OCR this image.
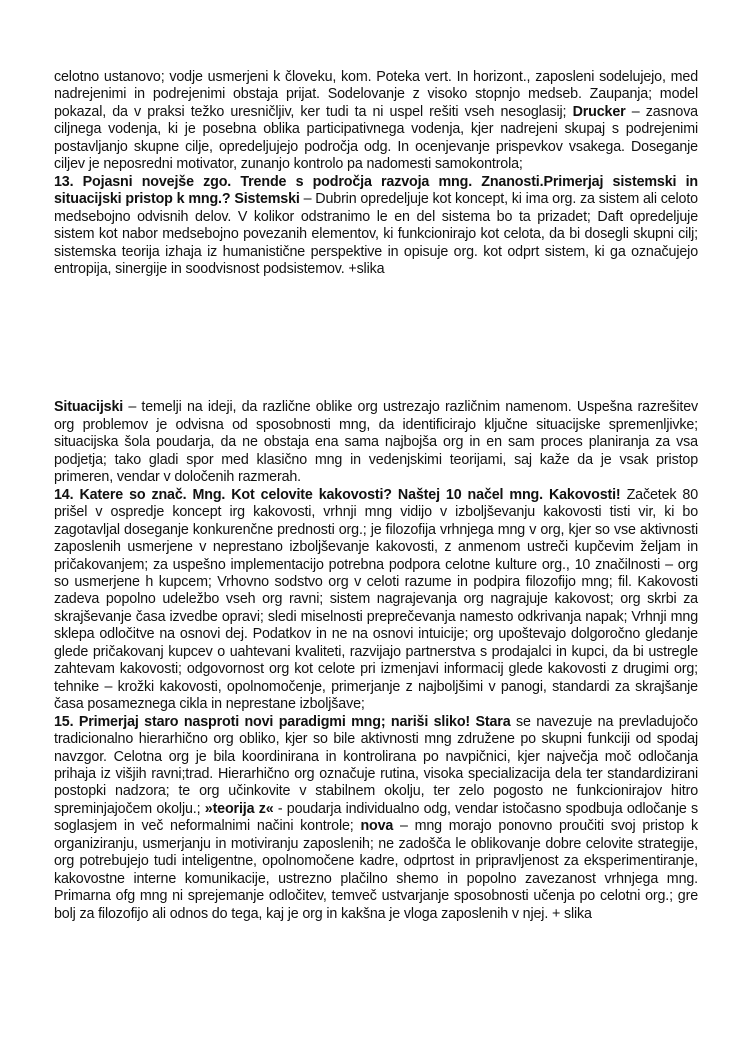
celotno ustanovo; vodje usmerjeni k človeku, kom. Poteka vert. In horizont., zaposleni sodelujejo, med nadrejenimi in podrejenimi obstaja prijat. Sodelovanje z visoko stopnjo medseb. Zaupanja; model pokazal, da v praksi težko uresničljiv, ker tudi ta ni uspel rešiti vseh nesoglasij; Drucker – zasnova ciljnega vodenja, ki je posebna oblika participativnega vodenja, kjer nadrejeni skupaj s podrejenimi postavljanjo skupne cilje, opredeljujejo področja odg. In ocenjevanje prispevkov vsakega. Doseganje ciljev je neposredni motivator, zunanjo kontrolo pa nadomesti samokontrola;

13. Pojasni novejše zgo. Trende s področja razvoja mng. Znanosti.Primerjaj sistemski in situacijski pristop k mng.? Sistemski – Dubrin opredeljuje kot koncept, ki ima org. za sistem ali celoto medsebojno odvisnih delov. V kolikor odstranimo le en del sistema bo ta prizadet; Daft opredeljuje sistem kot nabor medsebojno povezanih elementov, ki funkcionirajo kot celota, da bi dosegli skupni cilj; sistemska teorija izhaja iz humanistične perspektive in opisuje org. kot odprt sistem, ki ga označujejo entropija, sinergije in soodvisnost podsistemov. +slika

Situacijski – temelji na ideji, da različne oblike org ustrezajo različnim namenom. Uspešna razrešitev org problemov je odvisna od sposobnosti mng, da identificirajo ključne situacijske spremenljivke; situacijska šola poudarja, da ne obstaja ena sama najbojša org in en sam proces planiranja za vsa podjetja; tako gladi spor med klasično mng in vedenjskimi teorijami, saj kaže da je vsak pristop primeren, vendar v določenih razmerah.

14. Katere so znač. Mng. Kot celovite kakovosti? Naštej 10 načel mng. Kakovosti! Začetek 80 prišel v ospredje koncept irg kakovosti, vrhnji mng vidijo v izboljševanju kakovosti tisti vir, ki bo zagotavljal doseganje konkurenčne prednosti org.; je filozofija vrhnjega mng v org, kjer so vse aktivnosti zaposlenih usmerjene v neprestano izboljševanje kakovosti, z anmenom ustreči kupčevim željam in pričakovanjem; za uspešno implementacijo potrebna podpora celotne kulture org., 10 značilnosti – org so usmerjene h kupcem; Vrhovno sodstvo org v celoti razume in podpira filozofijo mng; fil. Kakovosti zadeva popolno udeležbo vseh org ravni; sistem nagrajevanja org nagrajuje kakovost; org skrbi za skrajševanje časa izvedbe opravi; sledi miselnosti preprečevanja namesto odkrivanja napak; Vrhnji mng sklepa odločitve na osnovi dej. Podatkov in ne na osnovi intuicije; org upoštevajo dolgoročno gledanje glede pričakovanj kupcev o uahtevani kvaliteti, razvijajo partnerstva s prodajalci in kupci, da bi ustregle zahtevam kakovosti; odgovornost org kot celote pri izmenjavi informacij glede kakovosti z drugimi org; tehnike – krožki kakovosti, opolnomočenje, primerjanje z najboljšimi v panogi, standardi za skrajšanje časa posameznega cikla in neprestane izboljšave;

15. Primerjaj staro nasproti novi paradigmi mng; nariši sliko! Stara se navezuje na prevladujočo tradicionalno hierarhično org obliko, kjer so bile aktivnosti mng združene po skupni funkciji od spodaj navzgor. Celotna org je bila koordinirana in kontrolirana po navpičnici, kjer največja moč odločanja prihaja iz višjih ravni;trad. Hierarhično org označuje rutina, visoka specializacija dela ter standardizirani postopki nadzora; te org učinkovite v stabilnem okolju, ter zelo pogosto ne funkcionirajov hitro spreminjajočem okolju.; »teorija z« - poudarja individualno odg, vendar istočasno spodbuja odločanje s soglasjem in več neformalnimi načini kontrole; nova – mng morajo ponovno proučiti svoj pristop k organiziranju, usmerjanju in motiviranju zaposlenih; ne zadošča le oblikovanje dobre celovite strategije, org potrebujejo tudi inteligentne, opolnomočene kadre, odprtost in pripravljenost za eksperimentiranje, kakovostne interne komunikacije, ustrezno plačilno shemo in popolno zavezanost vrhnjega mng. Primarna ofg mng ni sprejemanje odločitev, temveč ustvarjanje sposobnosti učenja po celotni org.; gre bolj za filozofijo ali odnos do tega, kaj je org in kakšna je vloga zaposlenih v njej. + slika
